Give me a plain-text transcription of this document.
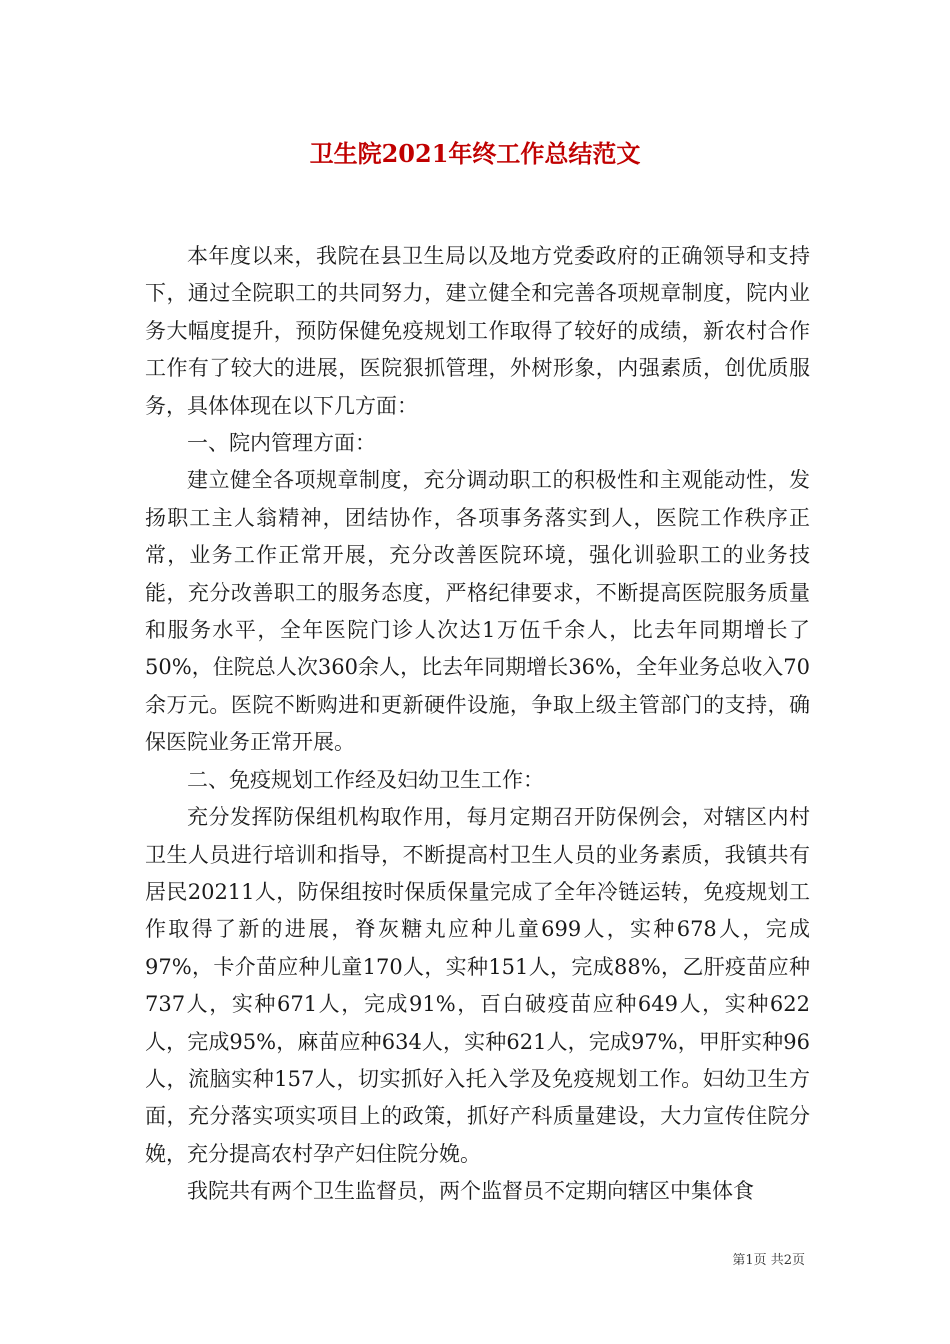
卫生院2021年终工作总结范文

本年度以来，我院在县卫生局以及地方党委政府的正确领导和支持下，通过全院职工的共同努力，建立健全和完善各项规章制度，院内业务大幅度提升，预防保健免疫规划工作取得了较好的成绩，新农村合作工作有了较大的进展，医院狠抓管理，外树形象，内强素质，创优质服务，具体体现在以下几方面：

一、院内管理方面：

建立健全各项规章制度，充分调动职工的积极性和主观能动性，发扬职工主人翁精神，团结协作，各项事务落实到人，医院工作秩序正常，业务工作正常开展，充分改善医院环境，强化训验职工的业务技能，充分改善职工的服务态度，严格纪律要求，不断提高医院服务质量和服务水平，全年医院门诊人次达1万伍千余人，比去年同期增长了50%，住院总人次360余人，比去年同期增长36%，全年业务总收入70余万元。医院不断购进和更新硬件设施，争取上级主管部门的支持，确保医院业务正常开展。

二、免疫规划工作经及妇幼卫生工作：

充分发挥防保组机构取作用，每月定期召开防保例会，对辖区内村卫生人员进行培训和指导，不断提高村卫生人员的业务素质，我镇共有居民20211人，防保组按时保质保量完成了全年冷链运转，免疫规划工作取得了新的进展，脊灰糖丸应种儿童699人，实种678人，完成97%，卡介苗应种儿童170人，实种151人，完成88%，乙肝疫苗应种737人，实种671人，完成91%，百白破疫苗应种649人，实种622人，完成95%，麻苗应种634人，实种621人，完成97%，甲肝实种96人，流脑实种157人，切实抓好入托入学及免疫规划工作。妇幼卫生方面，充分落实项实项目上的政策，抓好产科质量建设，大力宣传住院分娩，充分提高农村孕产妇住院分娩。

我院共有两个卫生监督员，两个监督员不定期向辖区中集体食

第1页 共2页
